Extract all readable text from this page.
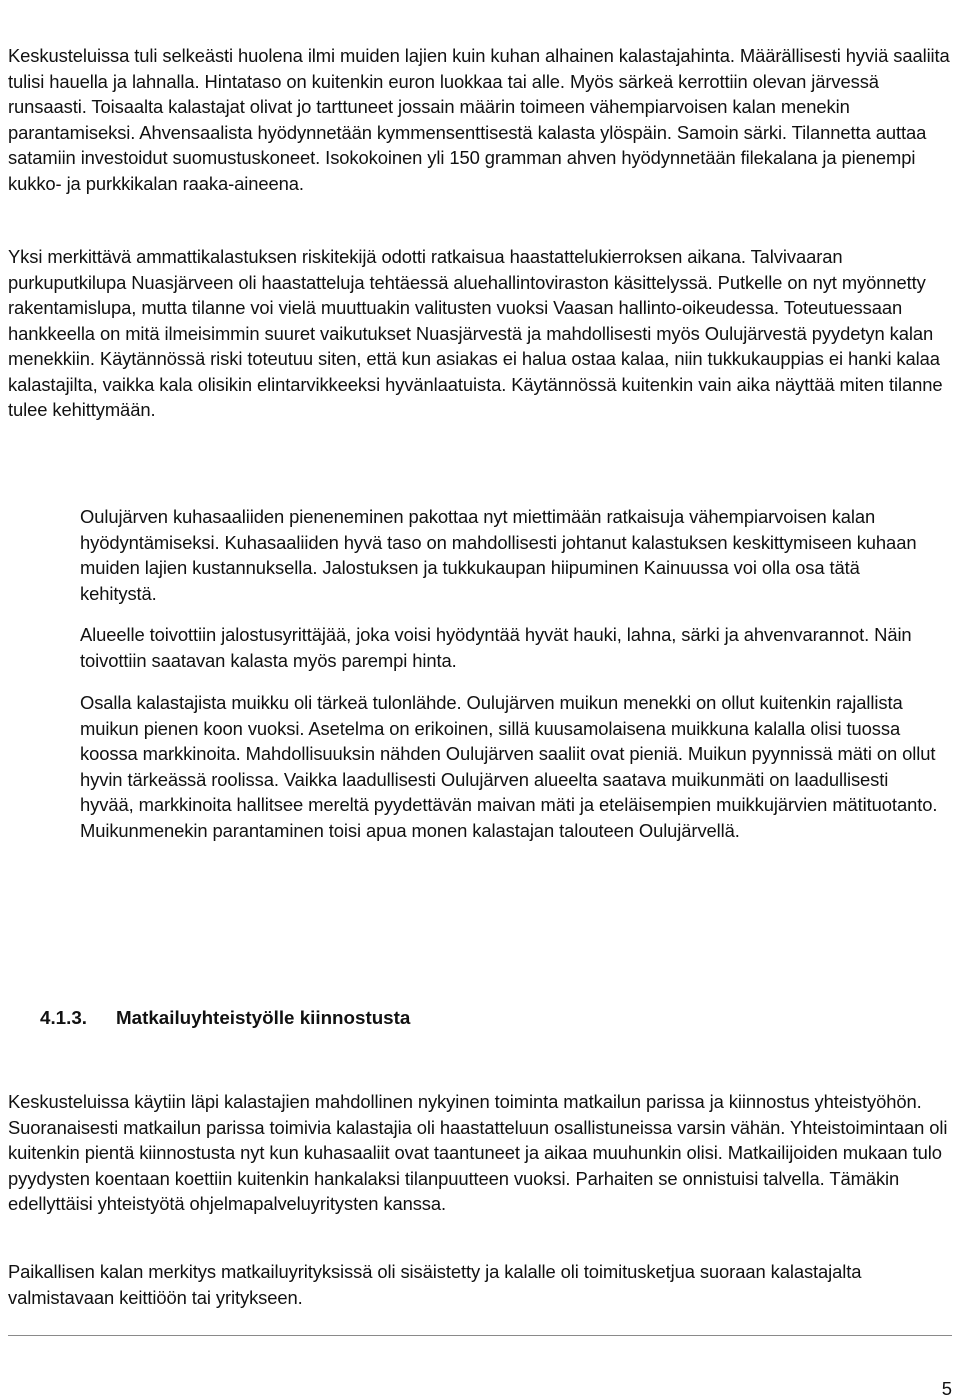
Keskusteluissa tuli selkeästi huolena ilmi muiden lajien kuin kuhan alhainen kalastajahinta. Määrällisesti hyviä saaliita tulisi hauella ja lahnalla. Hintataso on kuitenkin euron luokkaa tai alle. Myös särkeä kerrottiin olevan järvessä runsaasti. Toisaalta kalastajat olivat jo tarttuneet jossain määrin toimeen vähempiarvoisen kalan menekin parantamiseksi. Ahvensaalista hyödynnetään kymmensenttisestä kalasta ylöspäin. Samoin särki. Tilannetta auttaa satamiin investoidut suomustuskoneet. Isokokoinen yli 150 gramman ahven hyödynnetään filekalana ja pienempi kukko- ja purkkikalan raaka-aineena.

Yksi merkittävä ammattikalastuksen riskitekijä odotti ratkaisua haastattelukierroksen aikana. Talvivaaran purkuputkilupa Nuasjärveen oli haastatteluja tehtäessä aluehallintoviraston käsittelyssä. Putkelle on nyt myönnetty rakentamislupa, mutta tilanne voi vielä muuttuakin valitusten vuoksi Vaasan hallinto-oikeudessa. Toteutuessaan hankkeella on mitä ilmeisimmin suuret vaikutukset Nuasjärvestä ja mahdollisesti myös Oulujärvestä pyydetyn kalan menekkiin. Käytännössä riski toteutuu siten, että kun asiakas ei halua ostaa kalaa, niin tukkukauppias ei hanki kalaa kalastajilta, vaikka kala olisikin elintarvikkeeksi hyvänlaatuista. Käytännössä kuitenkin vain aika näyttää miten tilanne tulee kehittymään.

Oulujärven kuhasaaliiden pieneneminen pakottaa nyt miettimään ratkaisuja vähempiarvoisen kalan hyödyntämiseksi. Kuhasaaliiden hyvä taso on mahdollisesti johtanut kalastuksen keskittymiseen kuhaan muiden lajien kustannuksella. Jalostuksen ja tukkukaupan hiipuminen Kainuussa voi olla osa tätä kehitystä.

Alueelle toivottiin jalostusyrittäjää, joka voisi hyödyntää hyvät hauki, lahna, särki ja ahvenvarannot. Näin toivottiin saatavan kalasta myös parempi hinta.

Osalla kalastajista muikku oli tärkeä tulonlähde. Oulujärven muikun menekki on ollut kuitenkin rajallista muikun pienen koon vuoksi. Asetelma on erikoinen, sillä kuusamolaisena muikkuna kalalla olisi tuossa koossa markkinoita. Mahdollisuuksin nähden Oulujärven saaliit ovat pieniä. Muikun pyynnissä mäti on ollut hyvin tärkeässä roolissa. Vaikka laadullisesti Oulujärven alueelta saatava muikunmäti on laadullisesti hyvää, markkinoita hallitsee mereltä pyydettävän maivan mäti ja eteläisempien muikkujärvien mätituotanto. Muikunmenekin parantaminen toisi apua monen kalastajan talouteen Oulujärvellä.

4.1.3. Matkailuyhteistyölle kiinnostusta

Keskusteluissa käytiin läpi kalastajien mahdollinen nykyinen toiminta matkailun parissa ja kiinnostus yhteistyöhön. Suoranaisesti matkailun parissa toimivia kalastajia oli haastatteluun osallistuneissa varsin vähän. Yhteistoimintaan oli kuitenkin pientä kiinnostusta nyt kun kuhasaaliit ovat taantuneet ja aikaa muuhunkin olisi. Matkailijoiden mukaan tulo pyydysten koentaan koettiin kuitenkin hankalaksi tilanpuutteen vuoksi. Parhaiten se onnistuisi talvella. Tämäkin edellyttäisi yhteistyötä ohjelmapalveluyritysten kanssa.

Paikallisen kalan merkitys matkailuyrityksissä oli sisäistetty ja kalalle oli toimitusketjua suoraan kalastajalta valmistavaan keittiöön tai yritykseen.

5
